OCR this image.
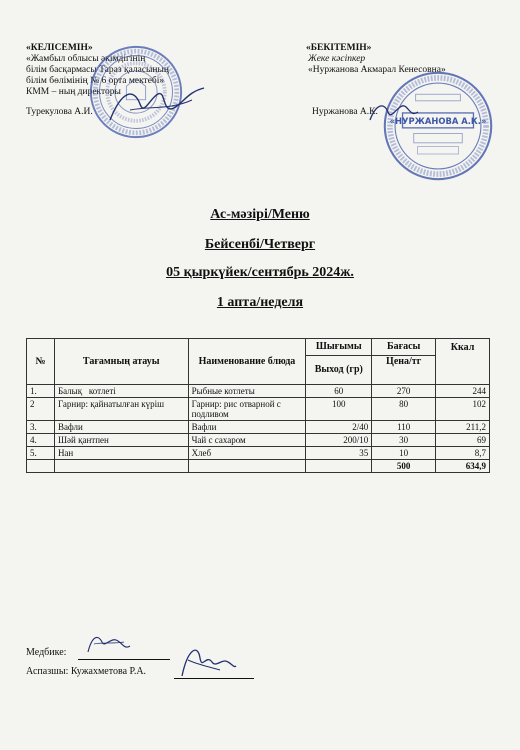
«КЕЛІСЕМІН»
«Жамбыл облысы әкімдігінің
білім басқармасы Тараз қаласының
білім бөлімінің № 6 орта мектебі»
КММ – ның директоры
Турекулова А.И.
«БЕКІТЕМІН»
Жеке кәсіпкер
«Нуржанова Акмарал Кенесовна»
Нуржанова А.К.
«НУРЖАНОВА А.К.»
Ас-мәзірі/Меню
Бейсенбі/Четверг
05 қыркүйек/сентябрь 2024ж.
1 апта/неделя
№	Тағамның атауы	Наименование блюда	Шығымы	Бағасы	Ккал
			Выход (гр)	Цена/тг	
1.	Балық   котлеті	Рыбные котлеты	60	270	244
2	Гарнир: қайнатылған күріш	Гарнир: рис отварной с подливом	100	80	102
3.	Вафли	Вафли	2/40	110	211,2
4.	Шәй қантпен	Чай с сахаром	200/10	30	69
5.	Нан	Хлеб	35	10	8,7
				500	634,9
Медбике:
Аспазшы: Кужахметова Р.А.
